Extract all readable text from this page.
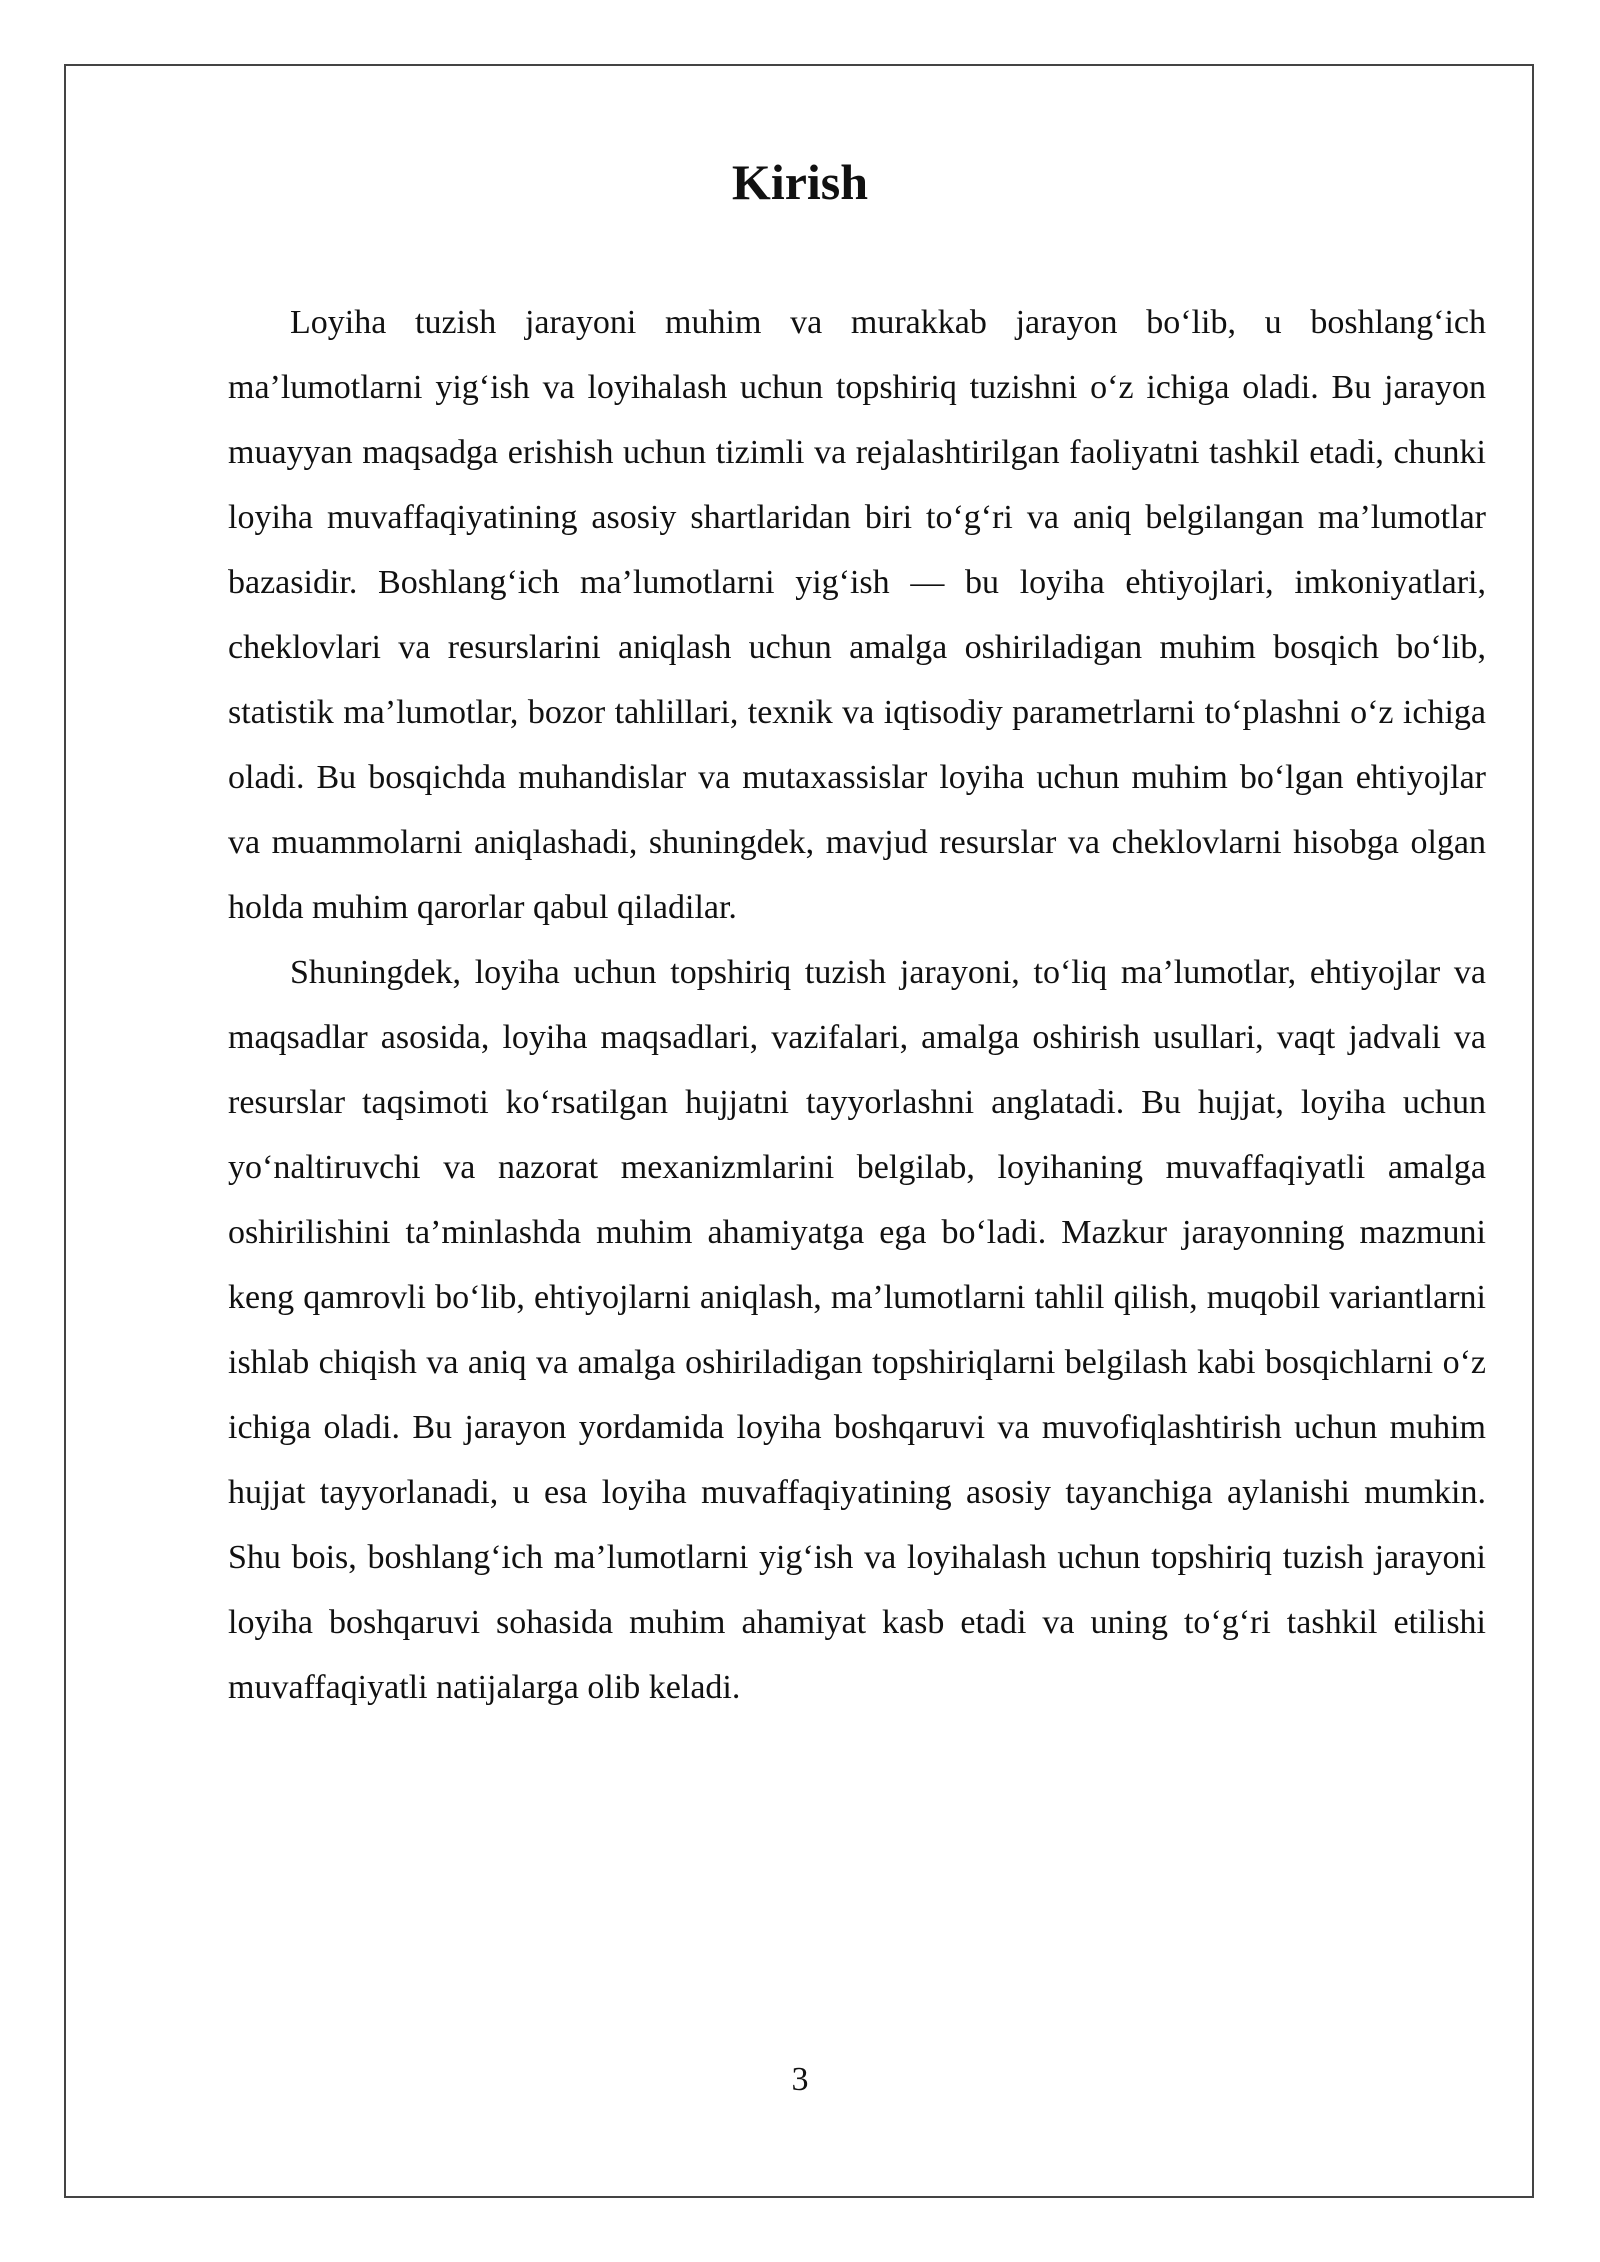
Kirish

Loyiha tuzish jarayoni muhim va murakkab jarayon bo‘lib, u boshlang‘ich ma’lumotlarni yig‘ish va loyihalash uchun topshiriq tuzishni o‘z ichiga oladi. Bu jarayon muayyan maqsadga erishish uchun tizimli va rejalashtirilgan faoliyatni tashkil etadi, chunki loyiha muvaffaqiyatining asosiy shartlaridan biri to‘g‘ri va aniq belgilangan ma’lumotlar bazasidir. Boshlang‘ich ma’lumotlarni yig‘ish — bu loyiha ehtiyojlari, imkoniyatlari, cheklovlari va resurslarini aniqlash uchun amalga oshiriladigan muhim bosqich bo‘lib, statistik ma’lumotlar, bozor tahlillari, texnik va iqtisodiy parametrlarni to‘plashni o‘z ichiga oladi. Bu bosqichda muhandislar va mutaxassislar loyiha uchun muhim bo‘lgan ehtiyojlar va muammolarni aniqlashadi, shuningdek, mavjud resurslar va cheklovlarni hisobga olgan holda muhim qarorlar qabul qiladilar.

Shuningdek, loyiha uchun topshiriq tuzish jarayoni, to‘liq ma’lumotlar, ehtiyojlar va maqsadlar asosida, loyiha maqsadlari, vazifalari, amalga oshirish usullari, vaqt jadvali va resurslar taqsimoti ko‘rsatilgan hujjatni tayyorlashni anglatadi. Bu hujjat, loyiha uchun yo‘naltiruvchi va nazorat mexanizmlarini belgilab, loyihaning muvaffaqiyatli amalga oshirilishini ta’minlashda muhim ahamiyatga ega bo‘ladi. Mazkur jarayonning mazmuni keng qamrovli bo‘lib, ehtiyojlarni aniqlash, ma’lumotlarni tahlil qilish, muqobil variantlarni ishlab chiqish va aniq va amalga oshiriladigan topshiriqlarni belgilash kabi bosqichlarni o‘z ichiga oladi. Bu jarayon yordamida loyiha boshqaruvi va muvofiqlashtirish uchun muhim hujjat tayyorlanadi, u esa loyiha muvaffaqiyatining asosiy tayanchiga aylanishi mumkin. Shu bois, boshlang‘ich ma’lumotlarni yig‘ish va loyihalash uchun topshiriq tuzish jarayoni loyiha boshqaruvi sohasida muhim ahamiyat kasb etadi va uning to‘g‘ri tashkil etilishi muvaffaqiyatli natijalarga olib keladi.

3
